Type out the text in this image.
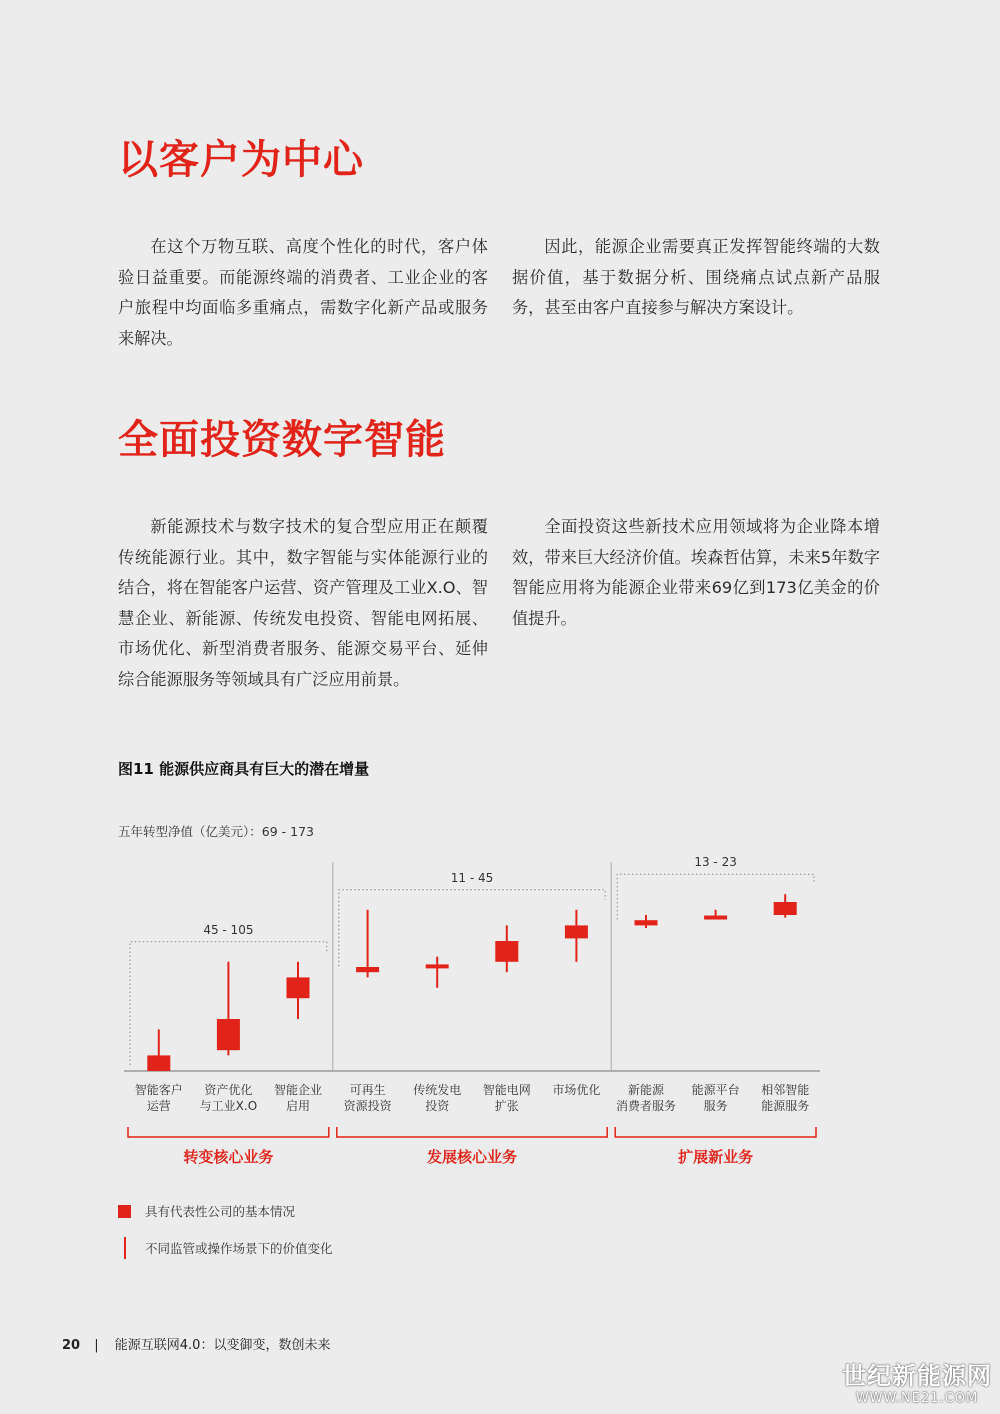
以客户为中心

在这个万物互联、高度个性化的时代，客户体验日益重要。而能源终端的消费者、工业企业的客户旅程中均面临多重痛点，需数字化新产品或服务来解决。

因此，能源企业需要真正发挥智能终端的大数据价值，基于数据分析、围绕痛点试点新产品服务，甚至由客户直接参与解决方案设计。

全面投资数字智能

新能源技术与数字技术的复合型应用正在颠覆传统能源行业。其中，数字智能与实体能源行业的结合，将在智能客户运营、资产管理及工业X.O、智慧企业、新能源、传统发电投资、智能电网拓展、市场优化、新型消费者服务、能源交易平台、延伸综合能源服务等领域具有广泛应用前景。

全面投资这些新技术应用领域将为企业降本增效，带来巨大经济价值。埃森哲估算，未来5年数字智能应用将为能源企业带来69亿到173亿美金的价值提升。

图11 能源供应商具有巨大的潜在增量
五年转型净值（亿美元）：69 - 173
智能客户
运营
资产优化
与工业X.O
智能企业
启用
可再生
资源投资
传统发电
投资
智能电网
扩张
市场优化 新能源
消费者服务
能源平台
服务
相邻智能
能源服务
转变核心业务
45 - 105
发展核心业务
11 - 45
扩展新业务
13 - 23
具有代表性公司的基本情况
不同监管或操作场景下的价值变化
20 | 能源互联网4.0：以变御变，数创未来
世纪新能源网
WWW.NE21.COM
